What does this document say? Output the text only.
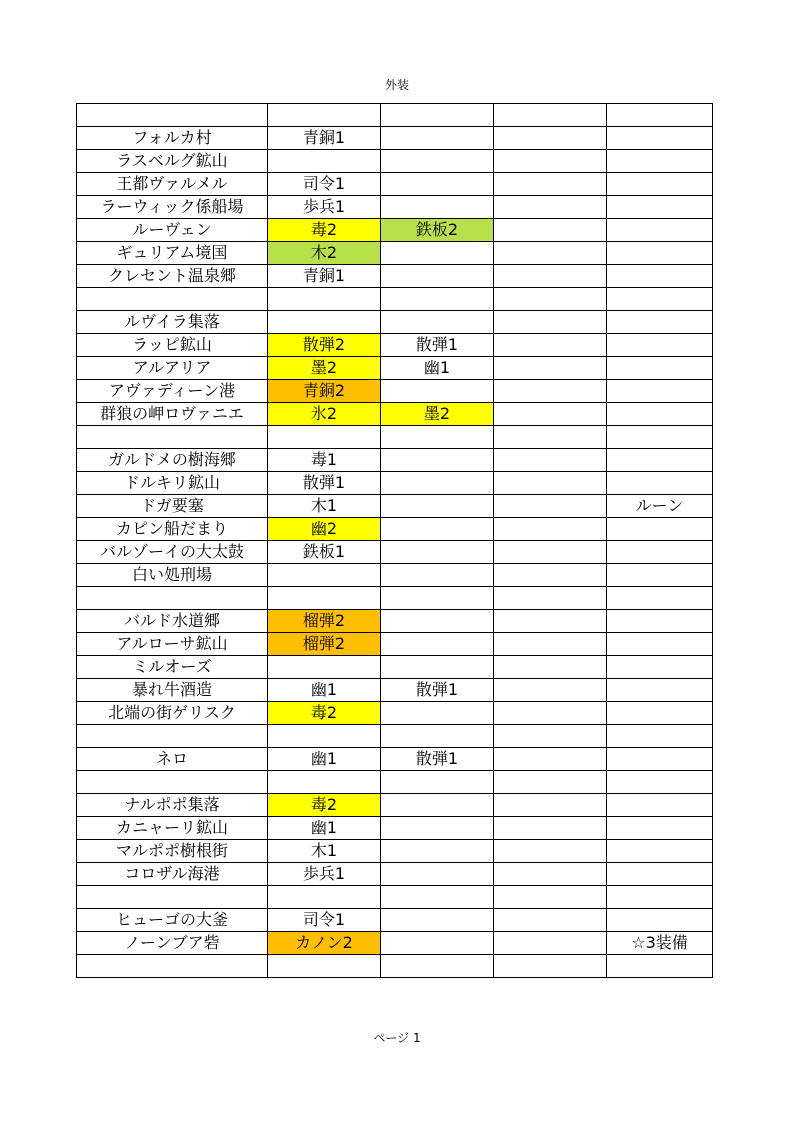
外装

フォルカ村	青銅1			
ラスベルグ鉱山				
王都ヴァルメル	司令1			
ラーウィック係船場	歩兵1			
ルーヴェン	毒2	鉄板2		
ギュリアム境国	木2			
クレセント温泉郷	青銅1			

ルヴイラ集落				
ラッピ鉱山	散弾2	散弾1		
アルアリア	墨2	幽1		
アヴァディーン港	青銅2			
群狼の岬ロヴァニエ	氷2	墨2		

ガルドメの樹海郷	毒1			
ドルキリ鉱山	散弾1			
ドガ要塞	木1			ルーン
カピン船だまり	幽2			
バルゾーイの大太鼓	鉄板1			
白い処刑場				

バルド水道郷	榴弾2			
アルローサ鉱山	榴弾2			
ミルオーズ				
暴れ牛酒造	幽1	散弾1		
北端の街ゲリスク	毒2			

ネロ	幽1	散弾1		

ナルポポ集落	毒2			
カニャーリ鉱山	幽1			
マルポポ樹根街	木1			
コロザル海港	歩兵1			

ヒューゴの大釜	司令1			
ノーンブア砦	カノン2			☆3装備

ページ 1
